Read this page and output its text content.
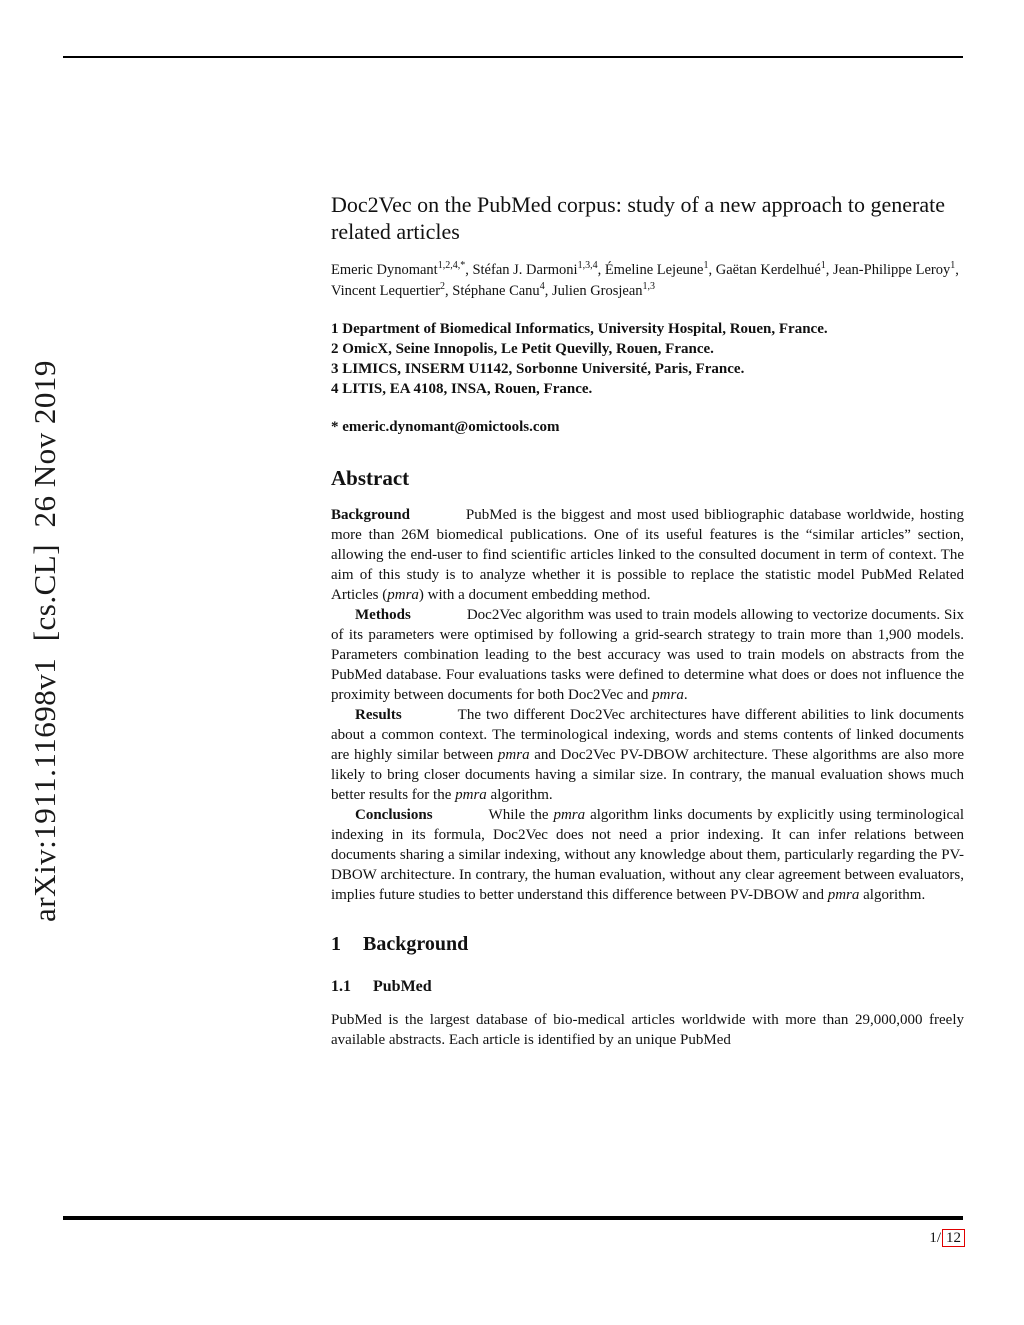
arXiv:1911.11698v1  [cs.CL]  26 Nov 2019
Doc2Vec on the PubMed corpus: study of a new approach to generate related articles

Emeric Dynomant$^{1,2,4,*}$, Stéfan J. Darmoni$^{1,3,4}$, Émeline Lejeune$^1$, Gaëtan Kerdelhué$^1$, Jean-Philippe Leroy$^1$, Vincent Lequertier$^2$, Stéphane Canu$^4$, Julien Grosjean$^{1,3}$

1 Department of Biomedical Informatics, University Hospital, Rouen, France.

2 OmicX, Seine Innopolis, Le Petit Quevilly, Rouen, France.

3 LIMICS, INSERM U1142, Sorbonne Université, Paris, France.

4 LITIS, EA 4108, INSA, Rouen, France.

* emeric.dynomant@omictools.com

Abstract

Background	PubMed is the biggest and most used bibliographic database worldwide, hosting more than 26M biomedical publications. One of its useful features is the “similar articles” section, allowing the end-user to find scientific articles linked to the consulted document in term of context. The aim of this study is to analyze whether it is possible to replace the statistic model PubMed Related Articles (pmra) with a document embedding method.

Methods	Doc2Vec algorithm was used to train models allowing to vectorize documents. Six of its parameters were optimised by following a grid-search strategy to train more than 1,900 models. Parameters combination leading to the best accuracy was used to train models on abstracts from the PubMed database. Four evaluations tasks were defined to determine what does or does not influence the proximity between documents for both Doc2Vec and pmra.

Results	The two different Doc2Vec architectures have different abilities to link documents about a common context. The terminological indexing, words and stems contents of linked documents are highly similar between pmra and Doc2Vec PV-DBOW architecture. These algorithms are also more likely to bring closer documents having a similar size. In contrary, the manual evaluation shows much better results for the pmra algorithm.

Conclusions	While the pmra algorithm links documents by explicitly using terminological indexing in its formula, Doc2Vec does not need a prior indexing. It can infer relations between documents sharing a similar indexing, without any knowledge about them, particularly regarding the PV-DBOW architecture. In contrary, the human evaluation, without any clear agreement between evaluators, implies future studies to better understand this difference between PV-DBOW and pmra algorithm.

1 Background
1.1 PubMed

PubMed is the largest database of bio-medical articles worldwide with more than 29,000,000 freely available abstracts. Each article is identified by an unique PubMed

1/ 12
